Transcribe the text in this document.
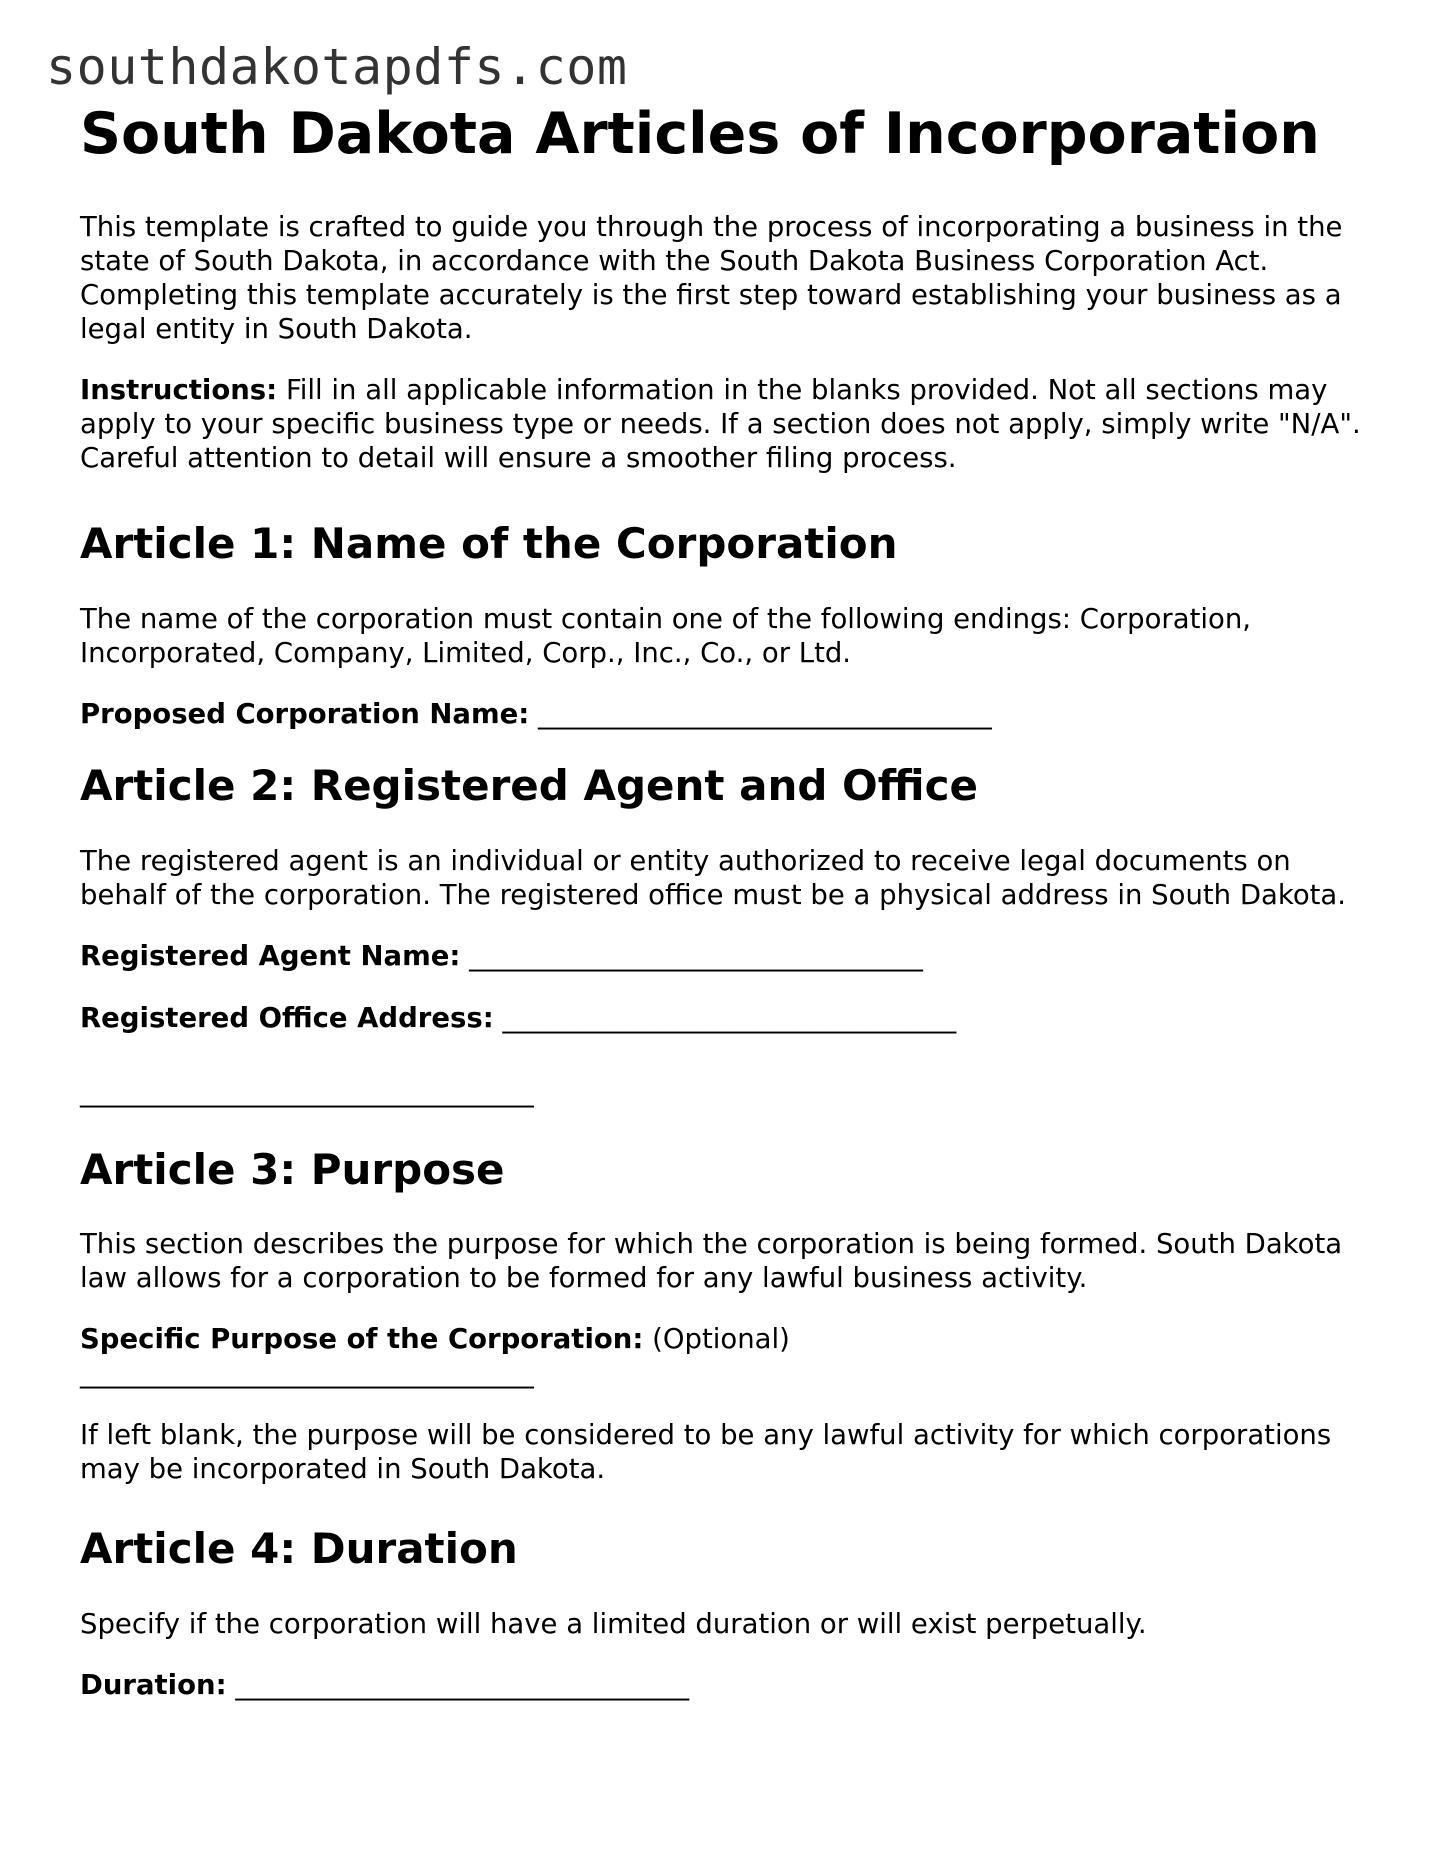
southdakotapdfs.com
South Dakota Articles of Incorporation

This template is crafted to guide you through the process of incorporating a business in the state of South Dakota, in accordance with the South Dakota Business Corporation Act. Completing this template accurately is the first step toward establishing your business as a legal entity in South Dakota.

Instructions: Fill in all applicable information in the blanks provided. Not all sections may apply to your specific business type or needs. If a section does not apply, simply write "N/A". Careful attention to detail will ensure a smoother filing process.

Article 1: Name of the Corporation

The name of the corporation must contain one of the following endings: Corporation, Incorporated, Company, Limited, Corp., Inc., Co., or Ltd.

Proposed Corporation Name: _________________________________
Article 2: Registered Agent and Office

The registered agent is an individual or entity authorized to receive legal documents on behalf of the corporation. The registered office must be a physical address in South Dakota.

Registered Agent Name: _________________________________
Registered Office Address: _________________________________
_________________________________
Article 3: Purpose

This section describes the purpose for which the corporation is being formed. South Dakota law allows for a corporation to be formed for any lawful business activity.

Specific Purpose of the Corporation: (Optional)
_________________________________

If left blank, the purpose will be considered to be any lawful activity for which corporations may be incorporated in South Dakota.

Article 4: Duration

Specify if the corporation will have a limited duration or will exist perpetually.

Duration: _________________________________
